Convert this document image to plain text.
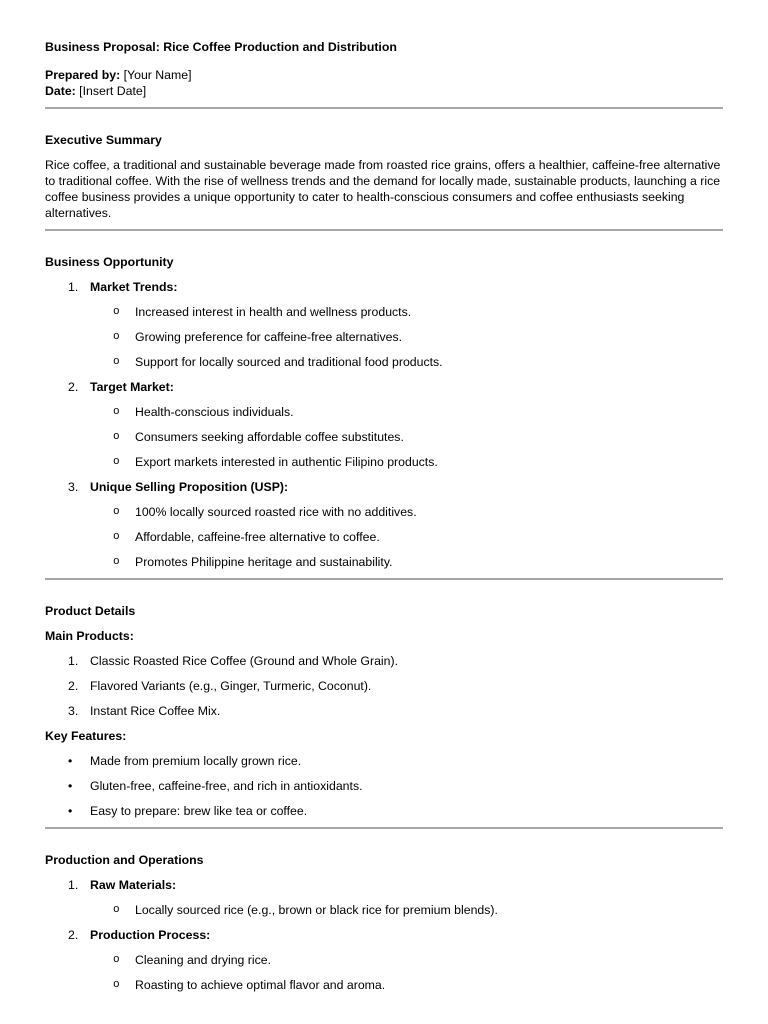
Business Proposal: Rice Coffee Production and Distribution

Prepared by: [Your Name]
Date: [Insert Date]
Executive Summary
Rice coffee, a traditional and sustainable beverage made from roasted rice grains, offers a healthier, caffeine-free alternative to traditional coffee. With the rise of wellness trends and the demand for locally made, sustainable products, launching a rice coffee business provides a unique opportunity to cater to health-conscious consumers and coffee enthusiasts seeking alternatives.
Business Opportunity
1. Market Trends:
o Increased interest in health and wellness products.
o Growing preference for caffeine-free alternatives.
o Support for locally sourced and traditional food products.
2. Target Market:
o Health-conscious individuals.
o Consumers seeking affordable coffee substitutes.
o Export markets interested in authentic Filipino products.
3. Unique Selling Proposition (USP):
o 100% locally sourced roasted rice with no additives.
o Affordable, caffeine-free alternative to coffee.
o Promotes Philippine heritage and sustainability.
Product Details
Main Products:
1. Classic Roasted Rice Coffee (Ground and Whole Grain).
2. Flavored Variants (e.g., Ginger, Turmeric, Coconut).
3. Instant Rice Coffee Mix.
Key Features:
• Made from premium locally grown rice.
• Gluten-free, caffeine-free, and rich in antioxidants.
• Easy to prepare: brew like tea or coffee.
Production and Operations
1. Raw Materials:
o Locally sourced rice (e.g., brown or black rice for premium blends).
2. Production Process:
o Cleaning and drying rice.
o Roasting to achieve optimal flavor and aroma.
